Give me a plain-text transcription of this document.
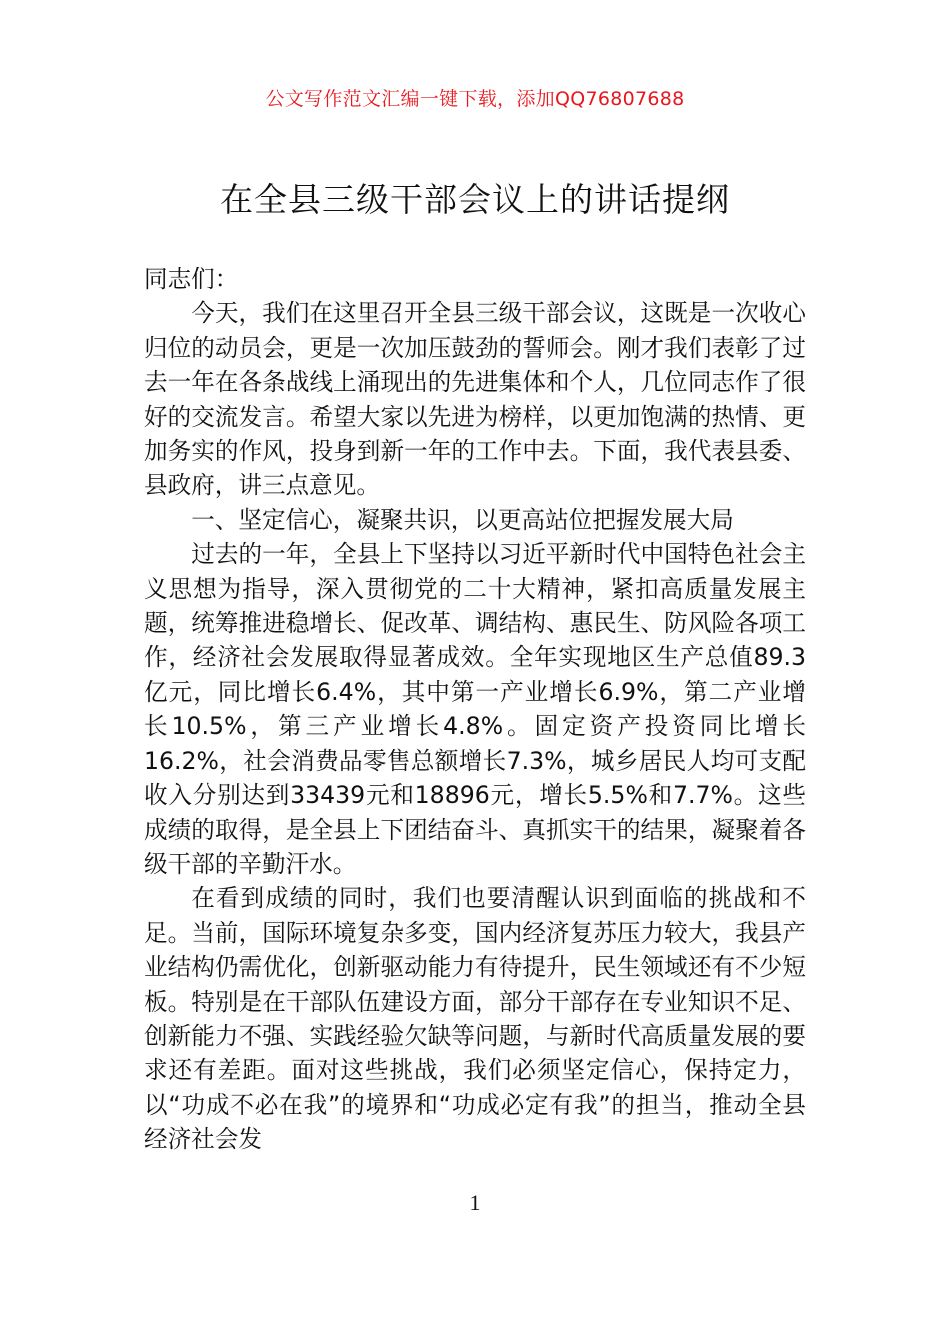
公文写作范文汇编一键下载，添加QQ76807688
在全县三级干部会议上的讲话提纲

同志们：

今天，我们在这里召开全县三级干部会议，这既是一次收心归位的动员会，更是一次加压鼓劲的誓师会。刚才我们表彰了过去一年在各条战线上涌现出的先进集体和个人，几位同志作了很好的交流发言。希望大家以先进为榜样，以更加饱满的热情、更加务实的作风，投身到新一年的工作中去。下面，我代表县委、县政府，讲三点意见。

一、坚定信心，凝聚共识，以更高站位把握发展大局

过去的一年，全县上下坚持以习近平新时代中国特色社会主义思想为指导，深入贯彻党的二十大精神，紧扣高质量发展主题，统筹推进稳增长、促改革、调结构、惠民生、防风险各项工作，经济社会发展取得显著成效。全年实现地区生产总值89.3亿元，同比增长6.4%，其中第一产业增长6.9%，第二产业增长10.5%，第三产业增长4.8%。固定资产投资同比增长16.2%，社会消费品零售总额增长7.3%，城乡居民人均可支配收入分别达到33439元和18896元，增长5.5%和7.7%。这些成绩的取得，是全县上下团结奋斗、真抓实干的结果，凝聚着各级干部的辛勤汗水。

在看到成绩的同时，我们也要清醒认识到面临的挑战和不足。当前，国际环境复杂多变，国内经济复苏压力较大，我县产业结构仍需优化，创新驱动能力有待提升，民生领域还有不少短板。特别是在干部队伍建设方面，部分干部存在专业知识不足、创新能力不强、实践经验欠缺等问题，与新时代高质量发展的要求还有差距。面对这些挑战，我们必须坚定信心，保持定力，以“功成不必在我”的境界和“功成必定有我”的担当，推动全县经济社会发

1
